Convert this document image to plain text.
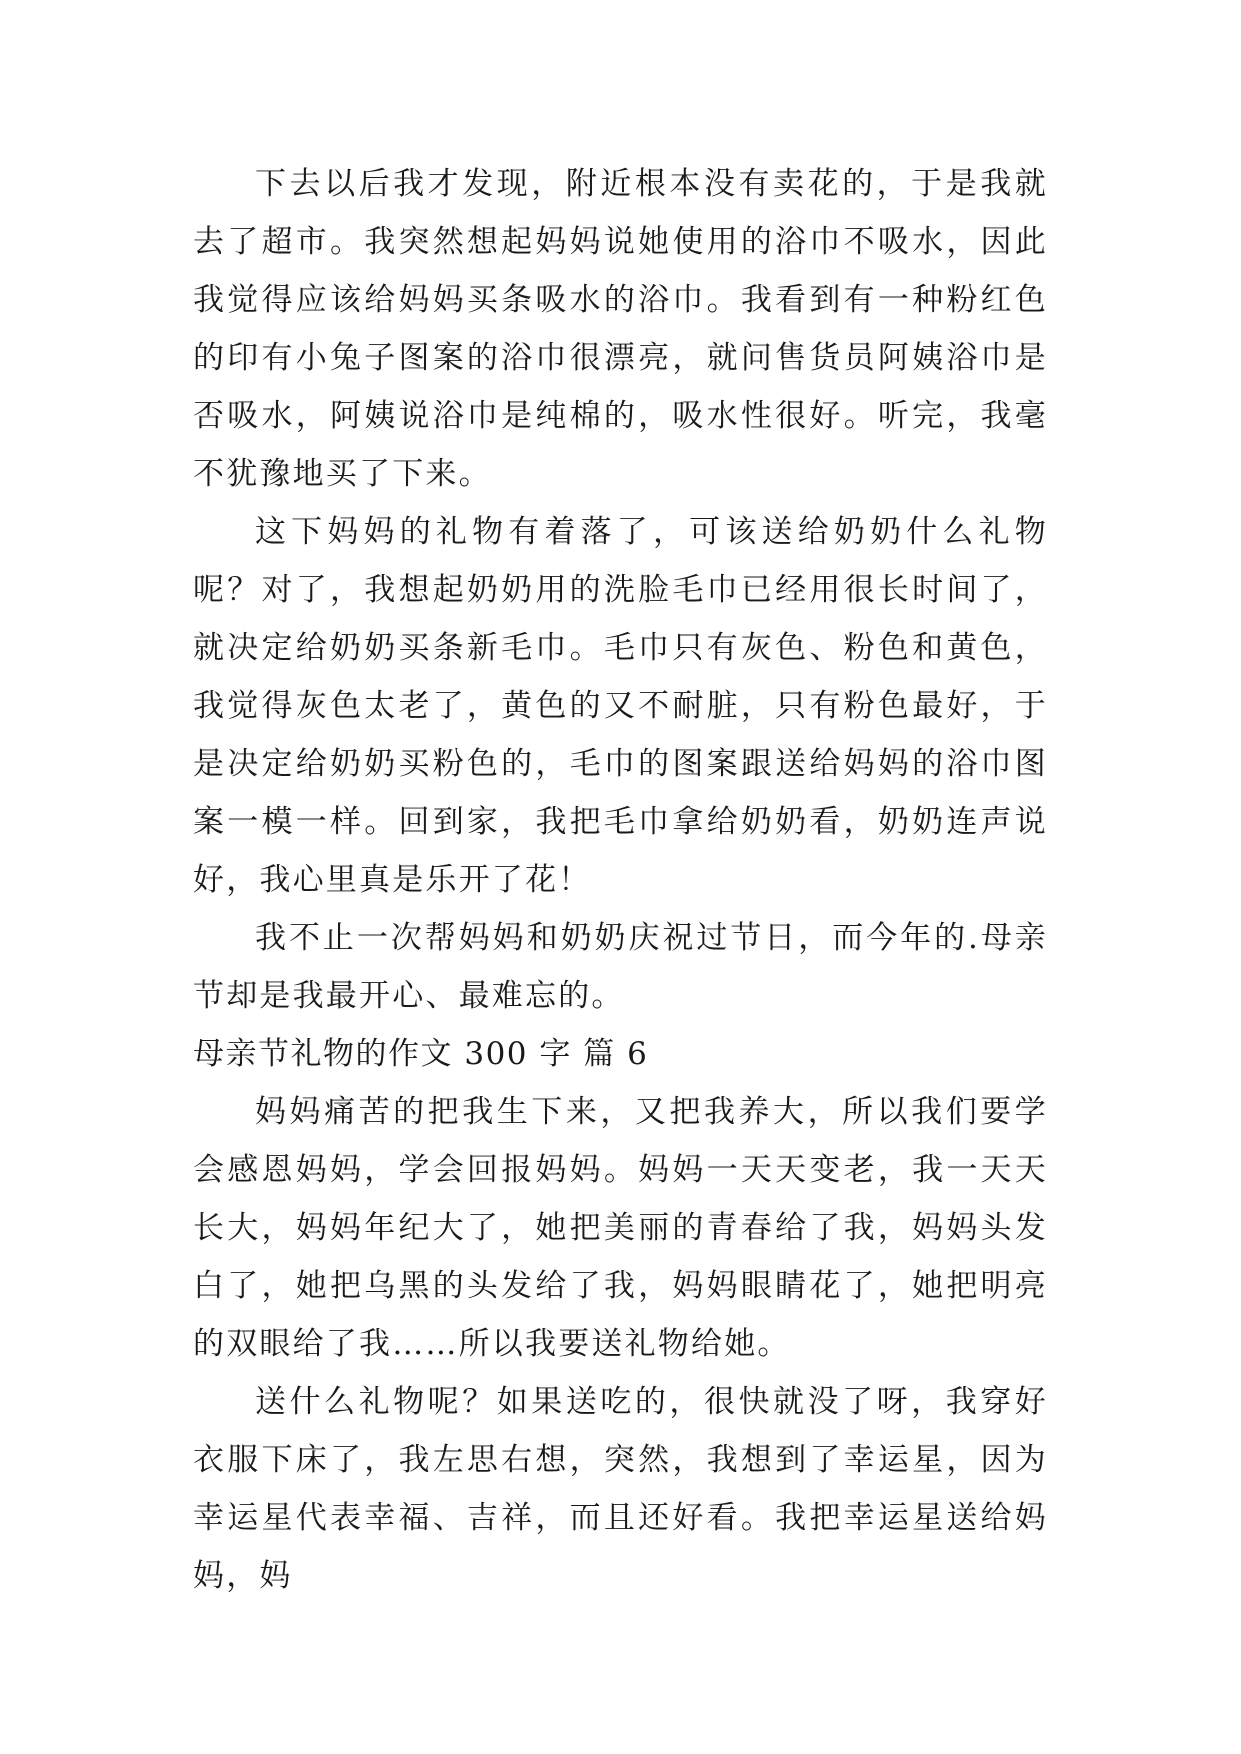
下去以后我才发现，附近根本没有卖花的，于是我就去了超市。我突然想起妈妈说她使用的浴巾不吸水，因此我觉得应该给妈妈买条吸水的浴巾。我看到有一种粉红色的印有小兔子图案的浴巾很漂亮，就问售货员阿姨浴巾是否吸水，阿姨说浴巾是纯棉的，吸水性很好。听完，我毫不犹豫地买了下来。

这下妈妈的礼物有着落了，可该送给奶奶什么礼物呢？对了，我想起奶奶用的洗脸毛巾已经用很长时间了，就决定给奶奶买条新毛巾。毛巾只有灰色、粉色和黄色，我觉得灰色太老了，黄色的又不耐脏，只有粉色最好，于是决定给奶奶买粉色的，毛巾的图案跟送给妈妈的浴巾图案一模一样。回到家，我把毛巾拿给奶奶看，奶奶连声说好，我心里真是乐开了花！

我不止一次帮妈妈和奶奶庆祝过节日，而今年的.母亲节却是我最开心、最难忘的。

母亲节礼物的作文 300 字 篇 6

妈妈痛苦的把我生下来，又把我养大，所以我们要学会感恩妈妈，学会回报妈妈。妈妈一天天变老，我一天天长大，妈妈年纪大了，她把美丽的青春给了我，妈妈头发白了，她把乌黑的头发给了我，妈妈眼睛花了，她把明亮的双眼给了我……所以我要送礼物给她。

送什么礼物呢？如果送吃的，很快就没了呀，我穿好衣服下床了，我左思右想，突然，我想到了幸运星，因为幸运星代表幸福、吉祥，而且还好看。我把幸运星送给妈妈，妈
